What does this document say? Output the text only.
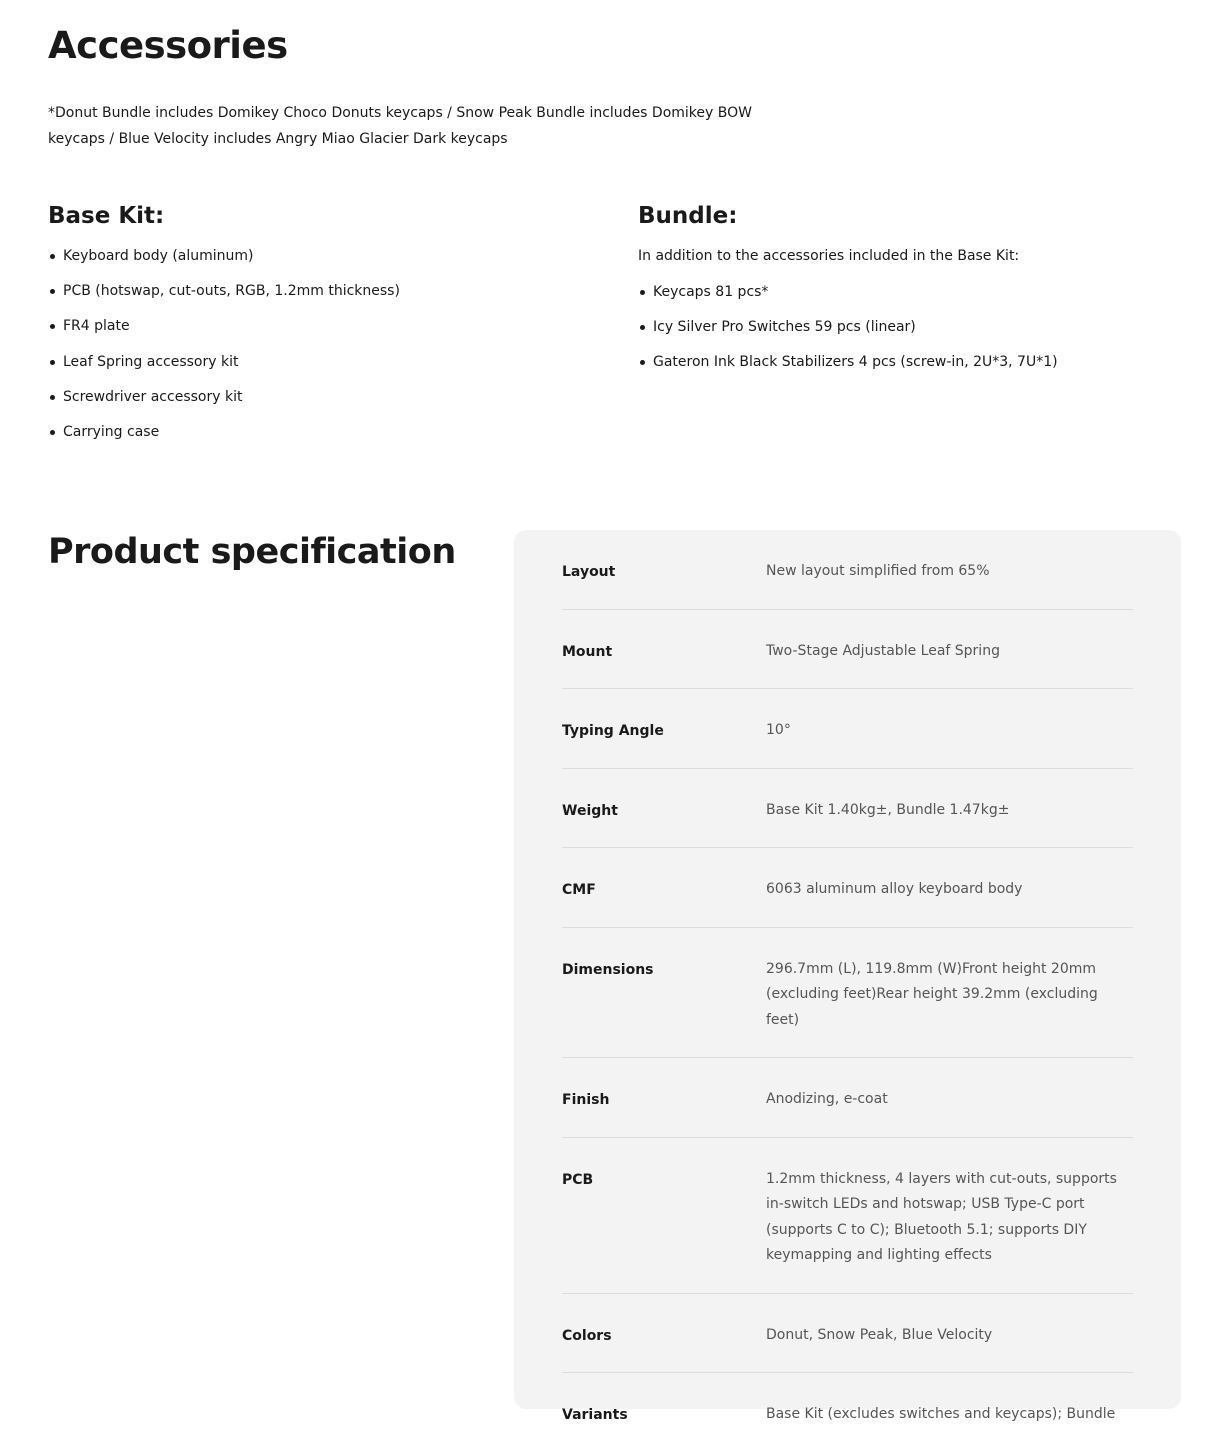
Accessories

*Donut Bundle includes Domikey Choco Donuts keycaps / Snow Peak Bundle includes Domikey BOW keycaps / Blue Velocity includes Angry Miao Glacier Dark keycaps

Base Kit:
Keyboard body (aluminum)
PCB (hotswap, cut-outs, RGB, 1.2mm thickness)
FR4 plate
Leaf Spring accessory kit
Screwdriver accessory kit
Carrying case
Bundle:

In addition to the accessories included in the Base Kit:

Keycaps 81 pcs*
Icy Silver Pro Switches 59 pcs (linear)
Gateron Ink Black Stabilizers 4 pcs (screw-in, 2U*3, 7U*1)
Product specification	Layout	New layout simplified from 65%
Mount	Two-Stage Adjustable Leaf Spring
Typing Angle	10°
Weight	Base Kit 1.40kg±, Bundle 1.47kg±
CMF	6063 aluminum alloy keyboard body
Dimensions	296.7mm (L), 119.8mm (W)Front height 20mm (excluding feet)Rear height 39.2mm (excluding feet)
Finish	Anodizing, e-coat
PCB	1.2mm thickness, 4 layers with cut-outs, supports in-switch LEDs and hotswap; USB Type-C port (supports C to C); Bluetooth 5.1; supports DIY keymapping and lighting effects
Colors	Donut, Snow Peak, Blue Velocity
Variants	Base Kit (excludes switches and keycaps); Bundle
